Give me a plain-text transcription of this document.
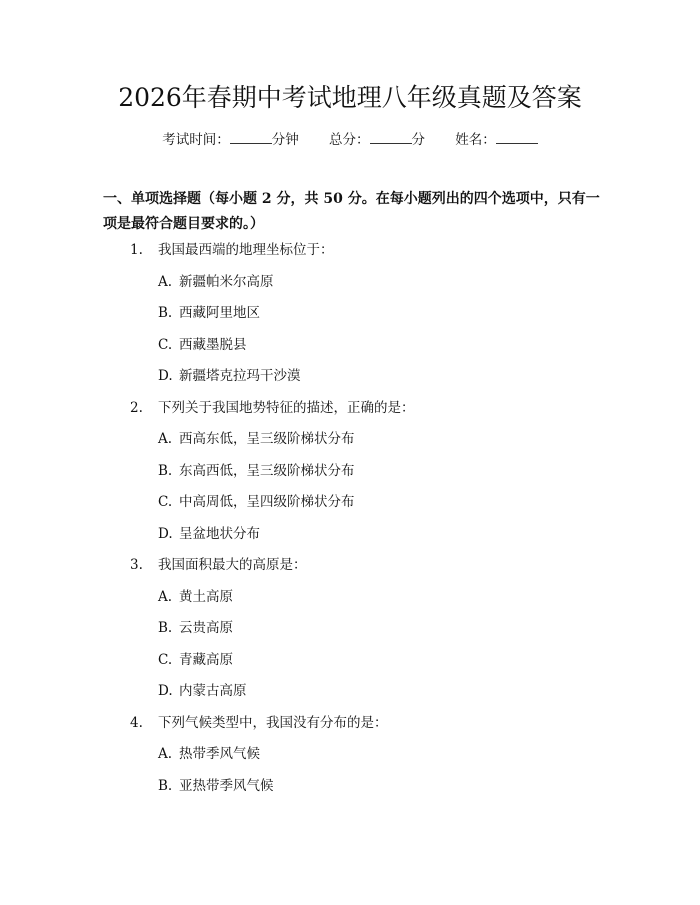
2026年春期中考试地理八年级真题及答案
考试时间：	分钟 总分：	分 姓名：
一、单项选择题（每小题 2 分，共 50 分。在每小题列出的四个选项中，只有一项是最符合题目要求的。）
1. 我国最西端的地理坐标位于：
A. 新疆帕米尔高原
B. 西藏阿里地区
C. 西藏墨脱县
D. 新疆塔克拉玛干沙漠
2. 下列关于我国地势特征的描述，正确的是：
A. 西高东低，呈三级阶梯状分布
B. 东高西低，呈三级阶梯状分布
C. 中高周低，呈四级阶梯状分布
D. 呈盆地状分布
3. 我国面积最大的高原是：
A. 黄土高原
B. 云贵高原
C. 青藏高原
D. 内蒙古高原
4. 下列气候类型中，我国没有分布的是：
A. 热带季风气候
B. 亚热带季风气候
